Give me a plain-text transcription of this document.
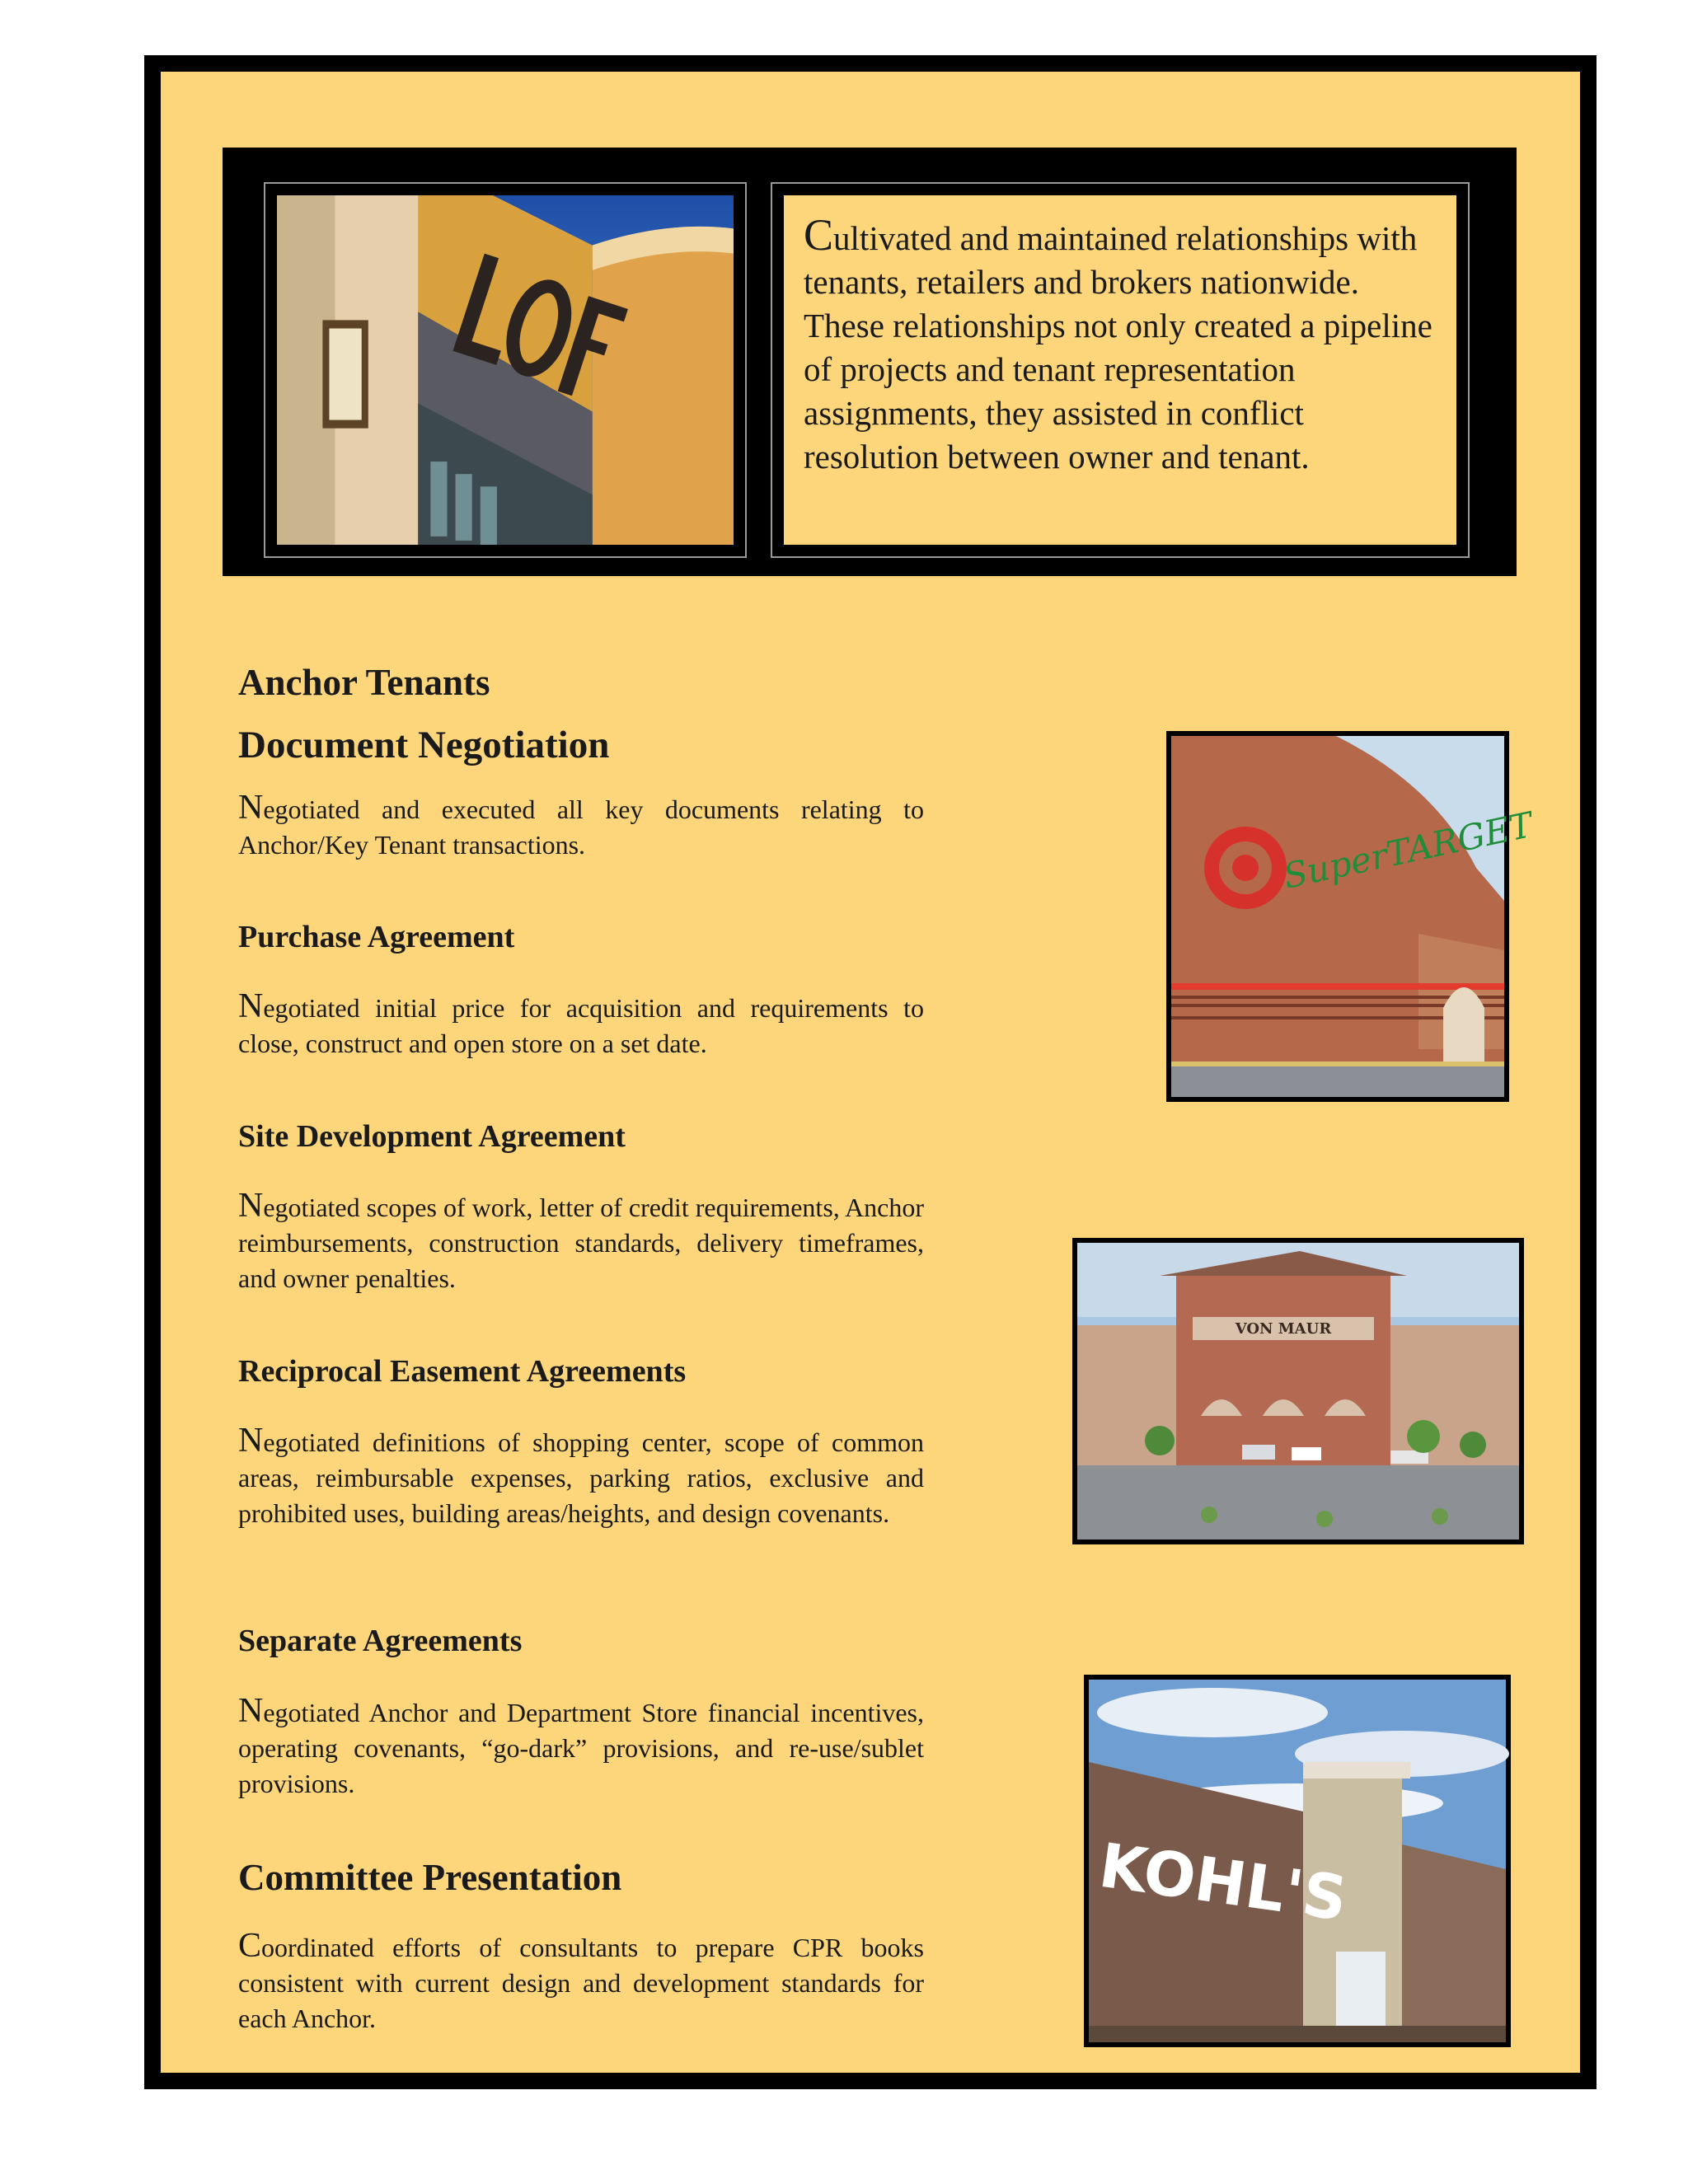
Cultivated and maintained relationships with tenants, retailers and brokers nationwide. These relationships not only created a pipeline of projects and tenant representation assignments, they assisted in conflict resolution between owner and tenant.
Anchor Tenants
Document Negotiation

Negotiated and executed all key documents relating to Anchor/Key Tenant transactions.

Purchase Agreement

Negotiated initial price for acquisition and requirements to close, construct and open store on a set date.

Site Development Agreement

Negotiated scopes of work, letter of credit requirements, Anchor reimbursements, construction standards, delivery timeframes, and owner penalties.

Reciprocal Easement Agreements

Negotiated definitions of shopping center, scope of common areas, reimbursable expenses, parking ratios, exclusive and prohibited uses, building areas/heights, and design covenants.

Separate Agreements

Negotiated Anchor and Department Store financial incentives, operating covenants, “go-dark” provisions, and re-use/sublet provisions.

Committee Presentation

Coordinated efforts of consultants to prepare CPR books consistent with current design and development standards for each Anchor.

SuperTARGET
VON MAUR
KOHL'S
